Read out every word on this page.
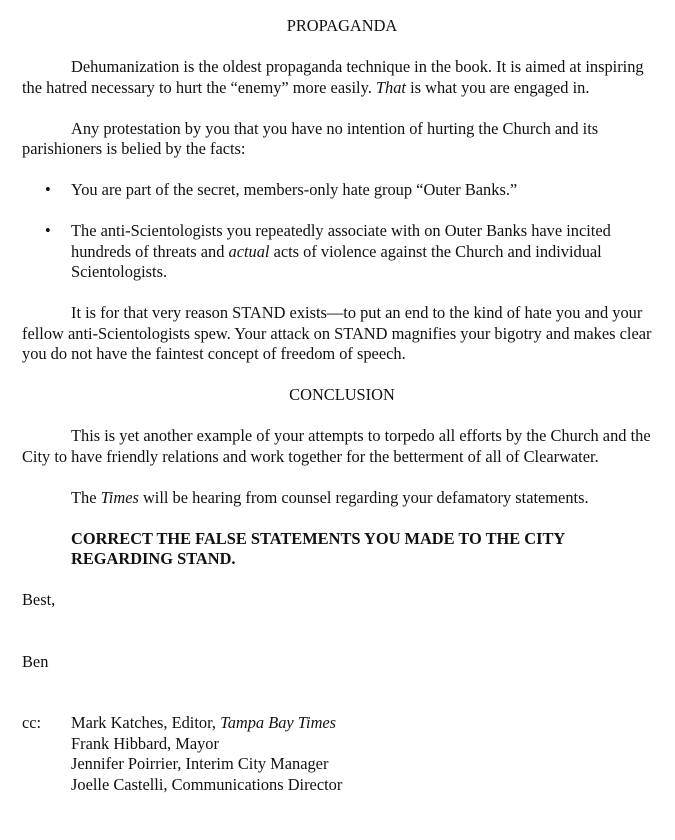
PROPAGANDA

Dehumanization is the oldest propaganda technique in the book. It is aimed at inspiring the hatred necessary to hurt the “enemy” more easily. That is what you are engaged in.

Any protestation by you that you have no intention of hurting the Church and its parishioners is belied by the facts:

• You are part of the secret, members-only hate group “Outer Banks.”
• The anti-Scientologists you repeatedly associate with on Outer Banks have incited hundreds of threats and actual acts of violence against the Church and individual Scientologists.

It is for that very reason STAND exists—to put an end to the kind of hate you and your fellow anti-Scientologists spew. Your attack on STAND magnifies your bigotry and makes clear you do not have the faintest concept of freedom of speech.

CONCLUSION

This is yet another example of your attempts to torpedo all efforts by the Church and the City to have friendly relations and work together for the betterment of all of Clearwater.

The Times will be hearing from counsel regarding your defamatory statements.

CORRECT THE FALSE STATEMENTS YOU MADE TO THE CITY REGARDING STAND.

Best,

Ben

cc: Mark Katches, Editor, Tampa Bay Times
Frank Hibbard, Mayor
Jennifer Poirrier, Interim City Manager
Joelle Castelli, Communications Director
